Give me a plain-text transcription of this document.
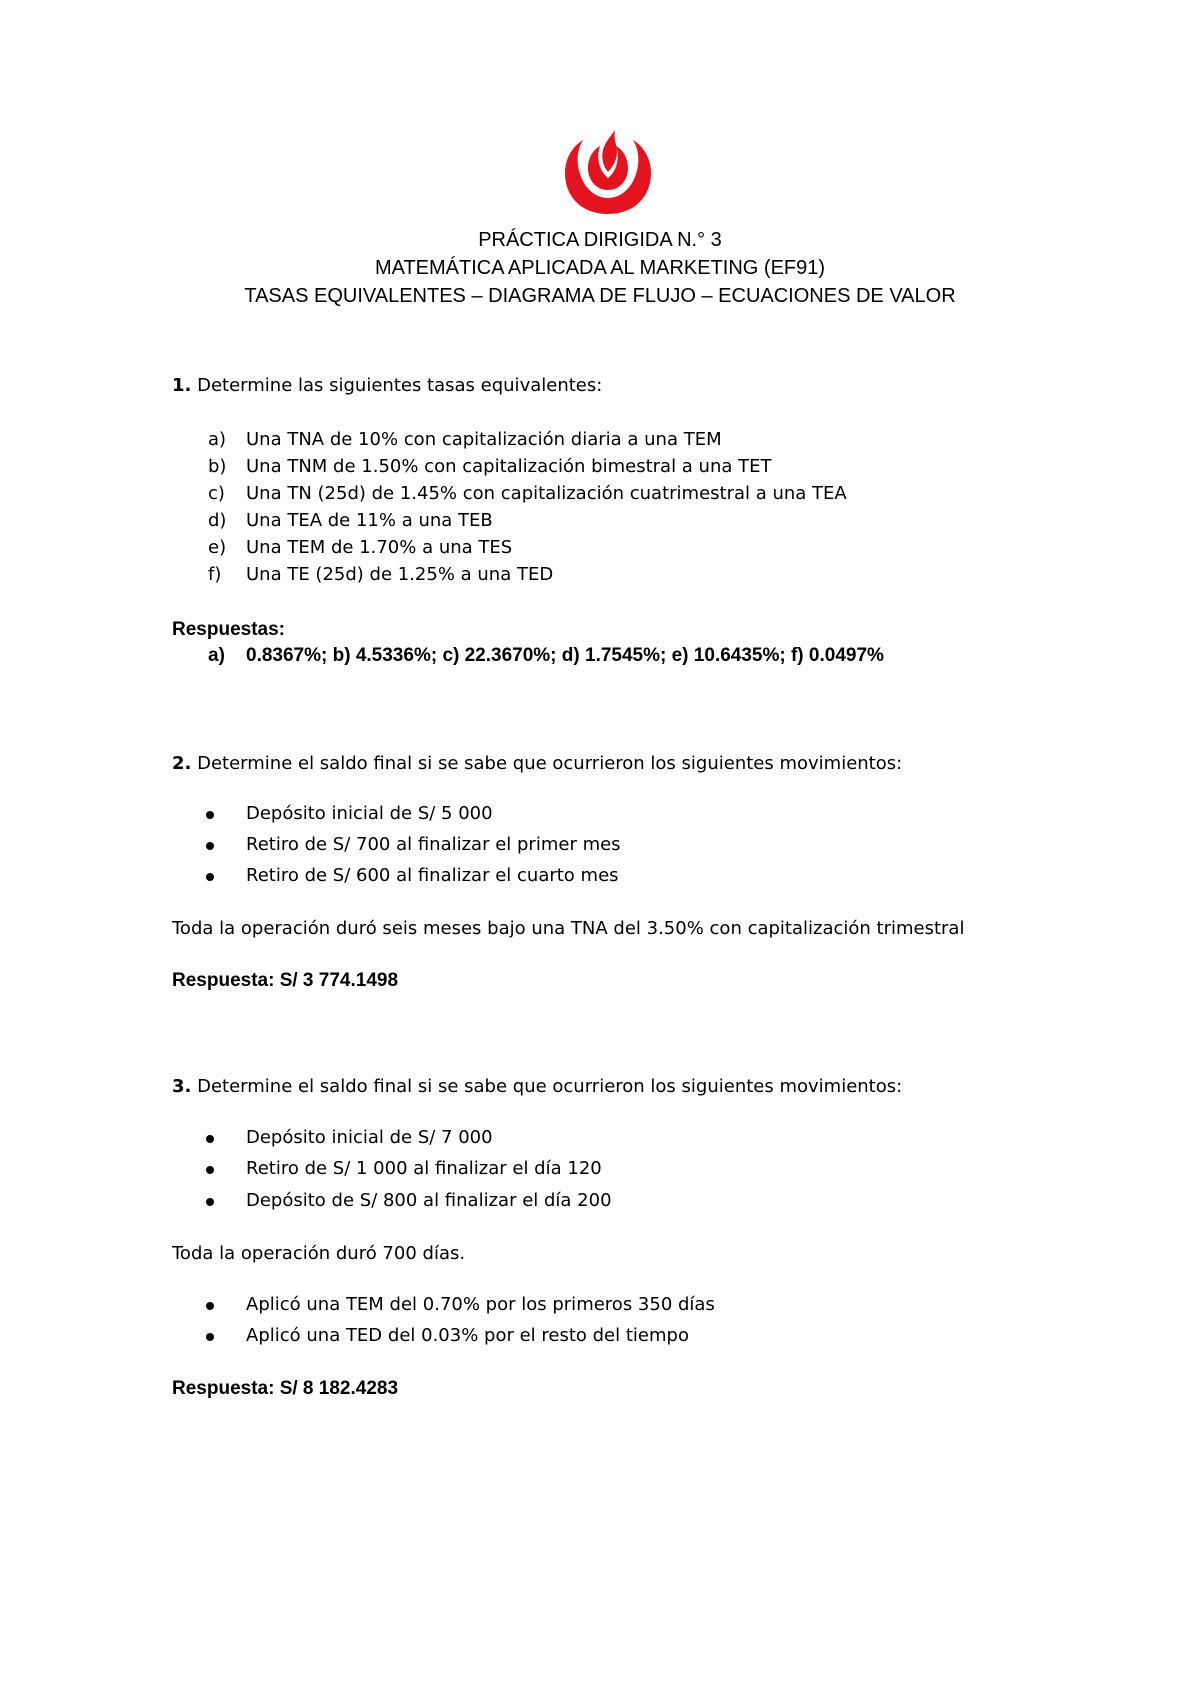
PRÁCTICA DIRIGIDA N.° 3
MATEMÁTICA APLICADA AL MARKETING (EF91)
TASAS EQUIVALENTES – DIAGRAMA DE FLUJO – ECUACIONES DE VALOR
1. Determine las siguientes tasas equivalentes:
a) Una TNA de 10% con capitalización diaria a una TEM
b) Una TNM de 1.50% con capitalización bimestral a una TET
c) Una TN (25d) de 1.45% con capitalización cuatrimestral a una TEA
d) Una TEA de 11% a una TEB
e) Una TEM de 1.70% a una TES
f) Una TE (25d) de 1.25% a una TED
Respuestas:
a) 0.8367%; b) 4.5336%; c) 22.3670%; d) 1.7545%; e) 10.6435%; f) 0.0497%
2. Determine el saldo final si se sabe que ocurrieron los siguientes movimientos:
Depósito inicial de S/ 5 000
Retiro de S/ 700 al finalizar el primer mes
Retiro de S/ 600 al finalizar el cuarto mes
Toda la operación duró seis meses bajo una TNA del 3.50% con capitalización trimestral
Respuesta: S/ 3 774.1498
3. Determine el saldo final si se sabe que ocurrieron los siguientes movimientos:
Depósito inicial de S/ 7 000
Retiro de S/ 1 000 al finalizar el día 120
Depósito de S/ 800 al finalizar el día 200
Toda la operación duró 700 días.
Aplicó una TEM del 0.70% por los primeros 350 días
Aplicó una TED del 0.03% por el resto del tiempo
Respuesta: S/ 8 182.4283
